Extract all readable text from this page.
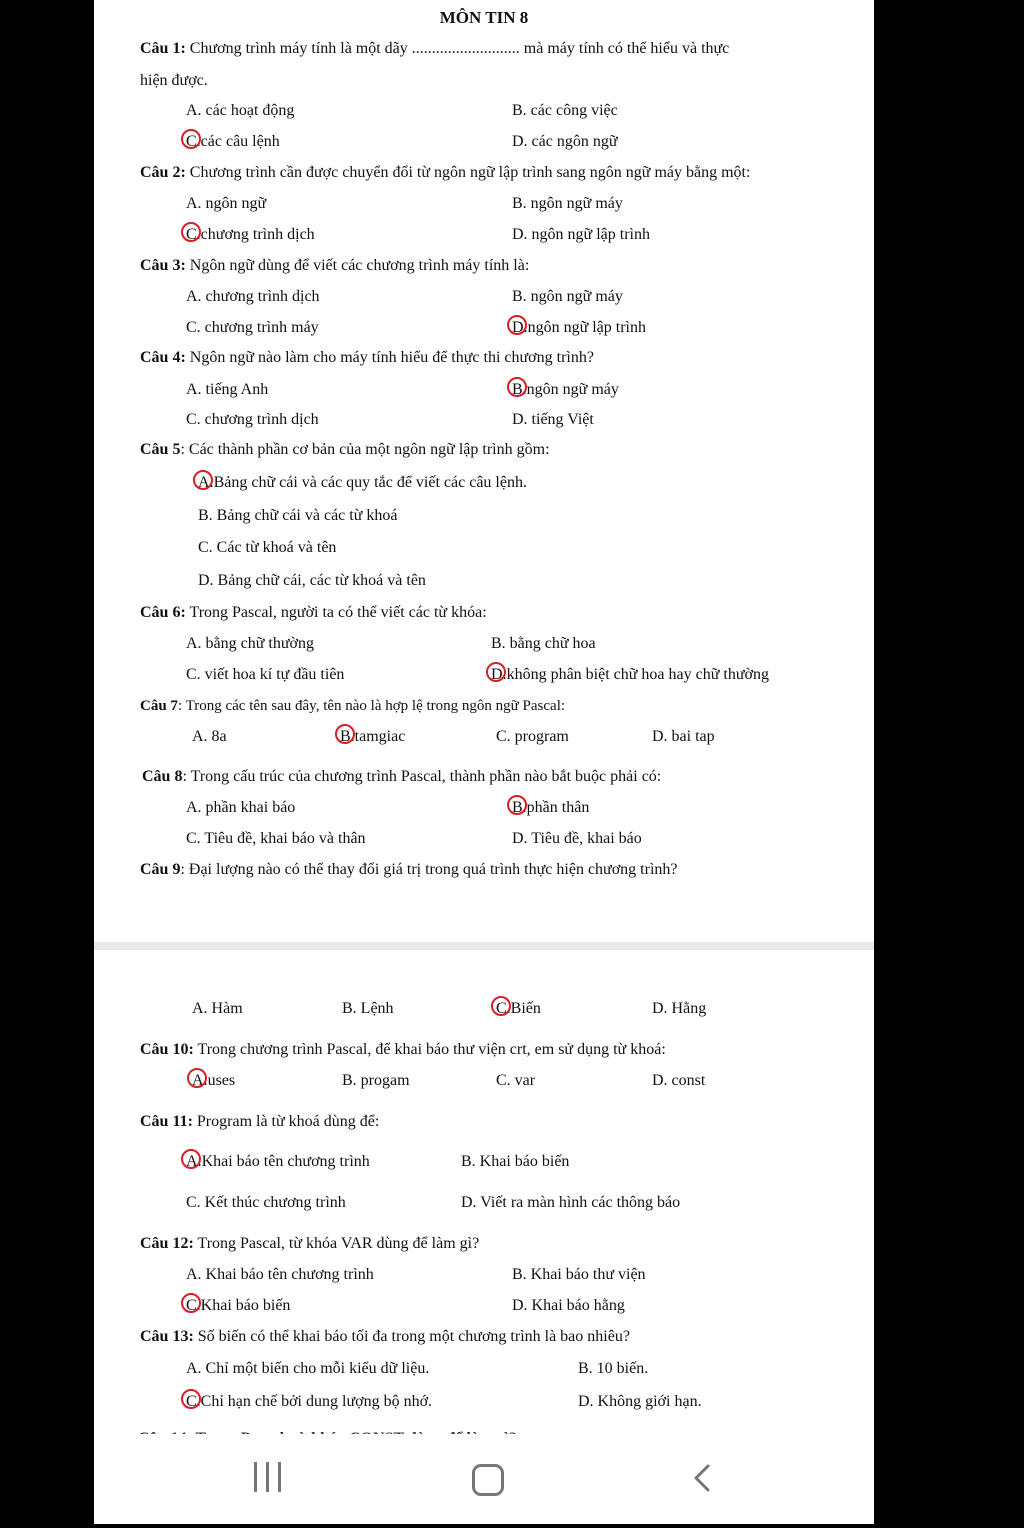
MÔN TIN 8
Câu 1: Chương trình máy tính là một dãy ........................... mà máy tính có thể hiểu và thực
hiện được.
A. các hoạt động	B. các công việc
C.các câu lệnh	D. các ngôn ngữ
Câu 2: Chương trình cần được chuyển đổi từ ngôn ngữ lập trình sang ngôn ngữ máy bằng một:
A. ngôn ngữ	B. ngôn ngữ máy
C.chương trình dịch	D. ngôn ngữ lập trình
Câu 3: Ngôn ngữ dùng để viết các chương trình máy tính là:
A. chương trình dịch	B. ngôn ngữ máy
C. chương trình máy	D.ngôn ngữ lập trình
Câu 4: Ngôn ngữ nào làm cho máy tính hiểu để thực thi chương trình?
A. tiếng Anh	B.ngôn ngữ máy
C. chương trình dịch	D. tiếng Việt
Câu 5: Các thành phần cơ bản của một ngôn ngữ lập trình gồm:
A.Bảng chữ cái và các quy tắc để viết các câu lệnh.
B. Bảng chữ cái và các từ khoá
C. Các từ khoá và tên
D. Bảng chữ cái, các từ khoá và tên
Câu 6: Trong Pascal, người ta có thể viết các từ khóa:
A. bằng chữ thường	B. bằng chữ hoa
C. viết hoa kí tự đầu tiên	D.không phân biệt chữ hoa hay chữ thường
Câu 7: Trong các tên sau đây, tên nào là hợp lệ trong ngôn ngữ Pascal:
A. 8a	B.tamgiac	C. program	D. bai tap
Câu 8: Trong cấu trúc của chương trình Pascal, thành phần nào bắt buộc phải có:
A. phần khai báo	B.phần thân
C. Tiêu đề, khai báo và thân	D. Tiêu đề, khai báo
Câu 9: Đại lượng nào có thể thay đổi giá trị trong quá trình thực hiện chương trình?
A. Hàm	B. Lệnh	C.Biến	D. Hằng
Câu 10: Trong chương trình Pascal, để khai báo thư viện crt, em sử dụng từ khoá:
A.uses	B. progam	C. var	D. const
Câu 11: Program là từ khoá dùng để:
A.Khai báo tên chương trình	B. Khai báo biến
C. Kết thúc chương trình	D. Viết ra màn hình các thông báo
Câu 12: Trong Pascal, từ khóa VAR dùng để làm gì?
A. Khai báo tên chương trình	B. Khai báo thư viện
C.Khai báo biến	D. Khai báo hằng
Câu 13: Số biến có thể khai báo tối đa trong một chương trình là bao nhiêu?
A. Chỉ một biến cho mỗi kiểu dữ liệu.	B. 10 biến.
C.Chỉ hạn chế bởi dung lượng bộ nhớ.	D. Không giới hạn.
